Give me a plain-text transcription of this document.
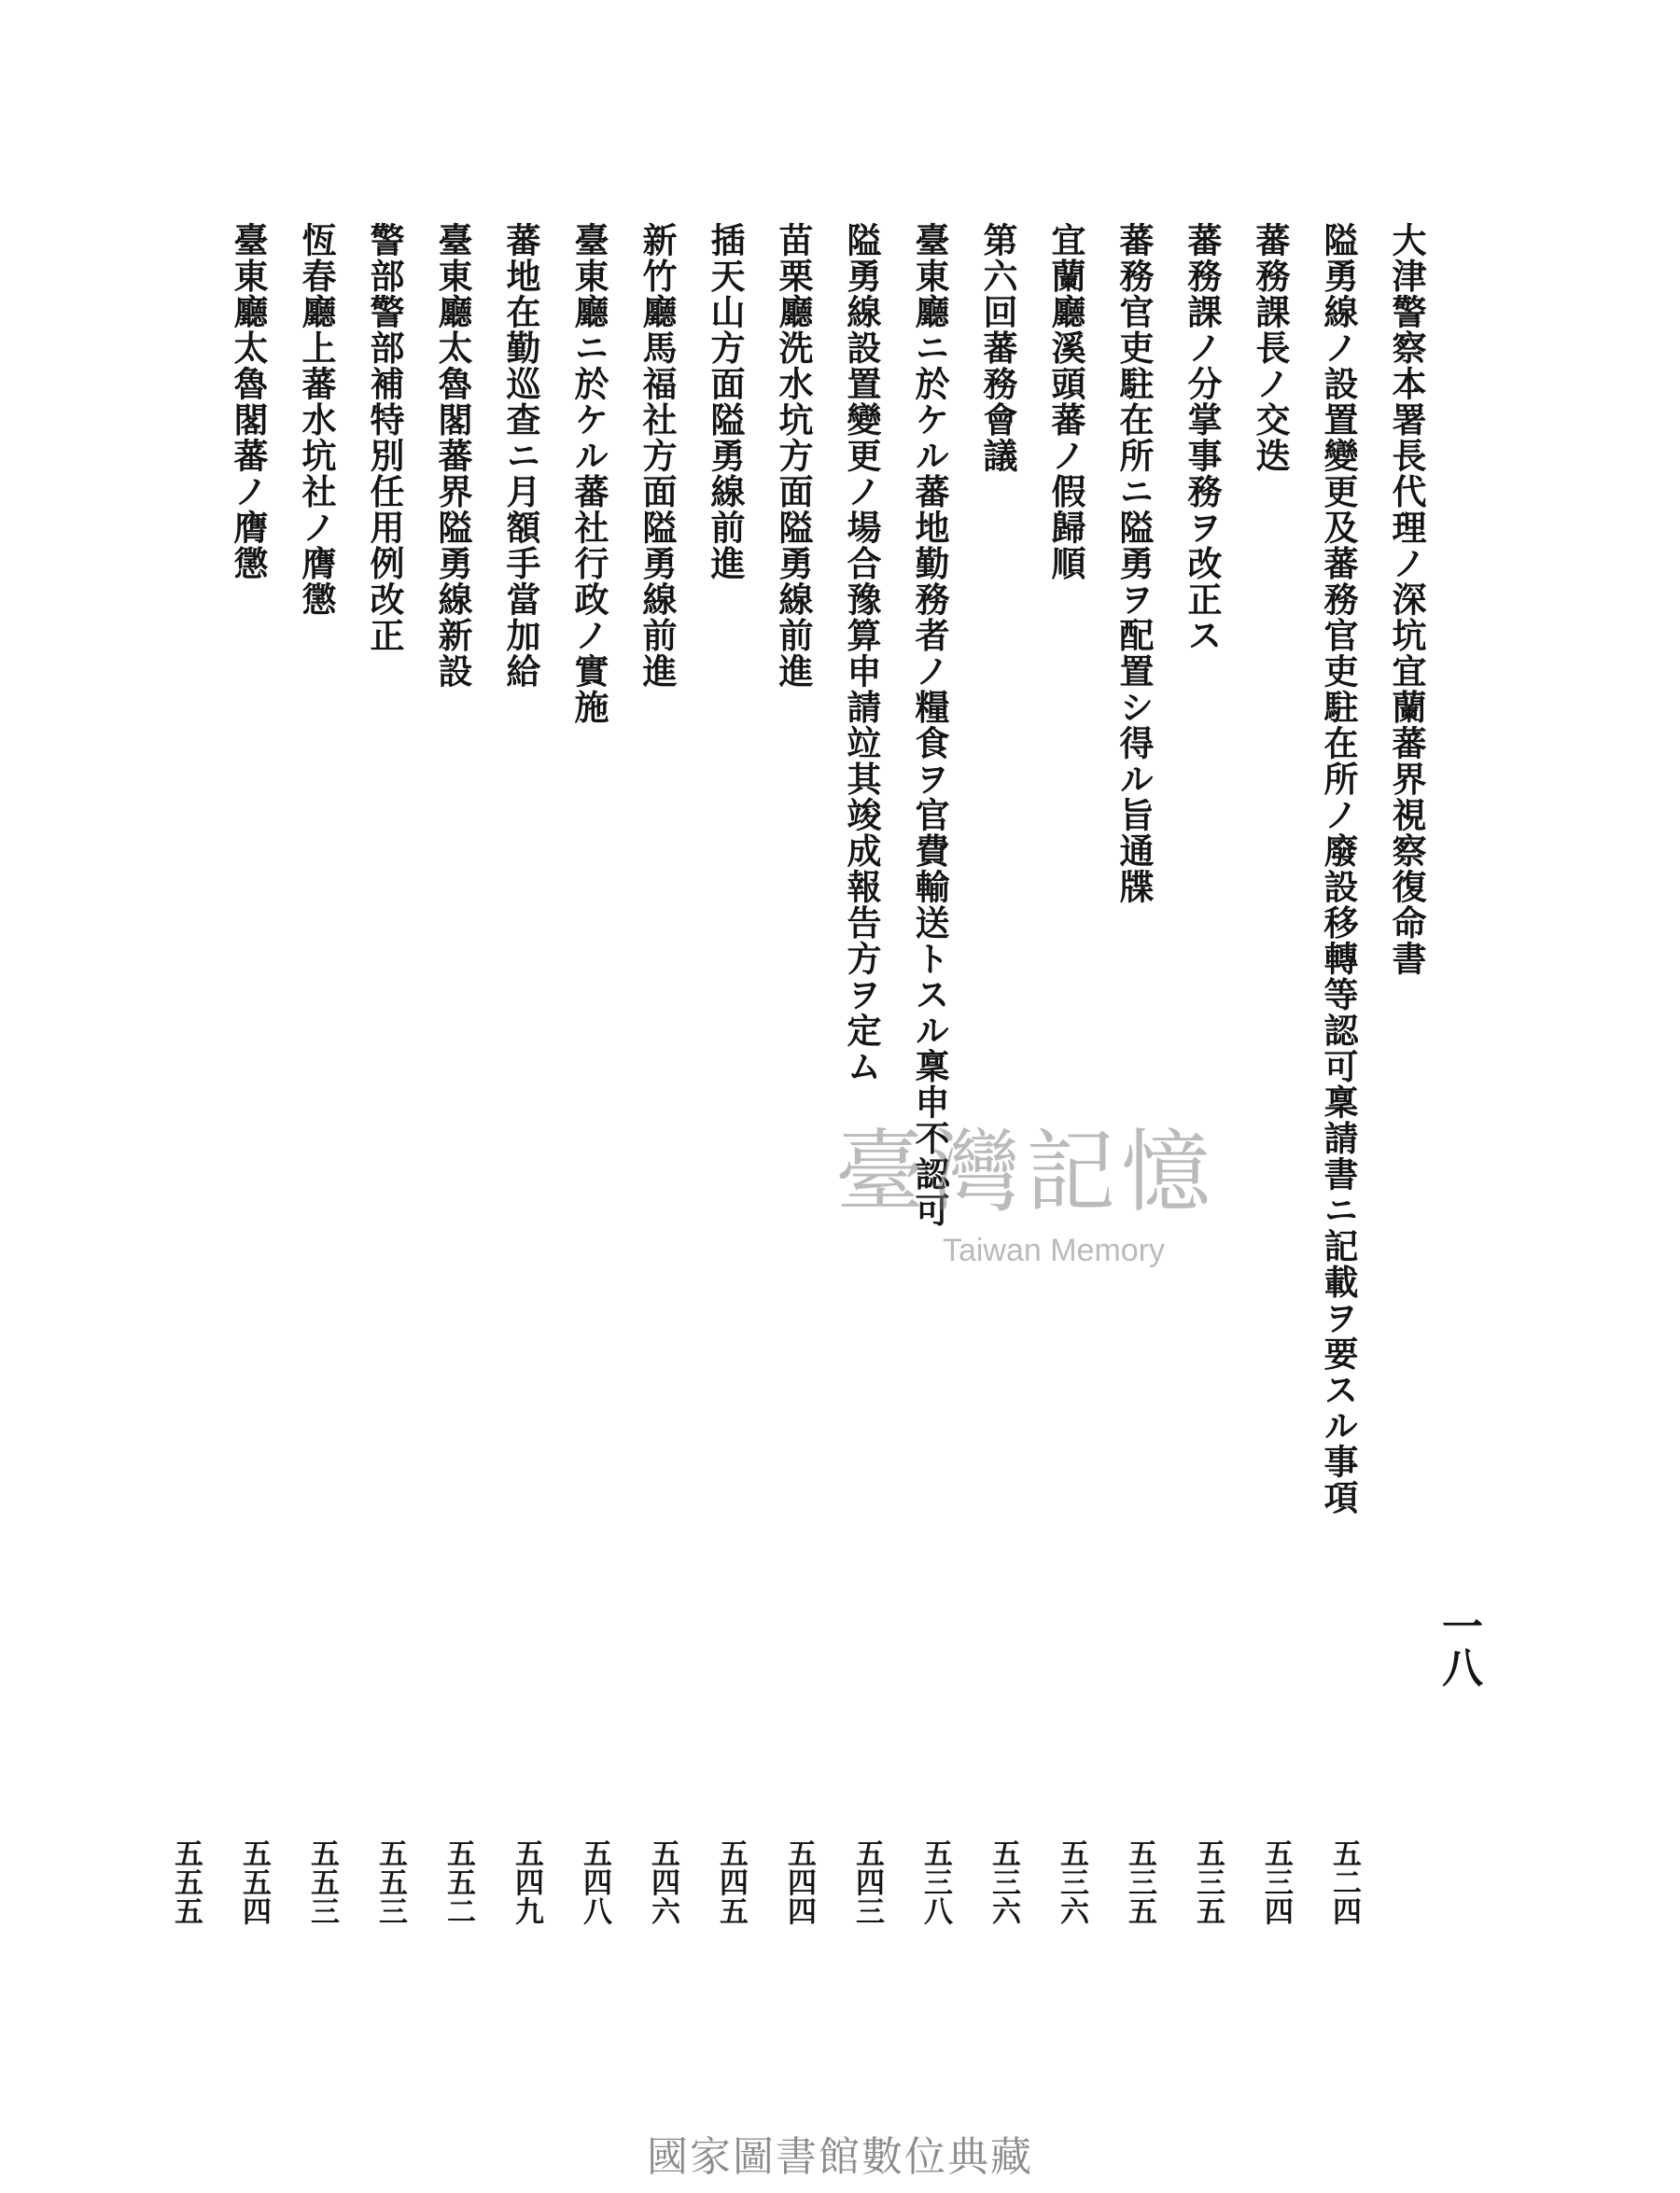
大津警察本署長代理ノ深坑宜蘭蕃界視察復命書
隘勇線ノ設置變更及蕃務官吏駐在所ノ廢設移轉等認可稟請書ニ記載ヲ要スル事項
蕃務課長ノ交迭
蕃務課ノ分掌事務ヲ改正ス
蕃務官吏駐在所ニ隘勇ヲ配置シ得ル旨通牒
宜蘭廳溪頭蕃ノ假歸順
第六回蕃務會議
臺東廳ニ於ケル蕃地勤務者ノ糧食ヲ官費輸送トスル稟申不認可
隘勇線設置變更ノ場合豫算申請竝其竣成報告方ヲ定ム
苗栗廳洗水坑方面隘勇線前進
插天山方面隘勇線前進
新竹廳馬福社方面隘勇線前進
臺東廳ニ於ケル蕃社行政ノ實施
蕃地在勤巡查ニ月額手當加給
臺東廳太魯閣蕃界隘勇線新設
警部警部補特別任用例改正
恆春廳上蕃水坑社ノ膺懲
臺東廳太魯閣蕃ノ膺懲
一八
五二四
五三四
五三五
五三五
五三六
五三六
五三八
五四三
五四四
五四五
五四六
五四八
五四九
五五二
五五三
五五三
五五四
五五五
臺灣記憶
Taiwan Memory
國家圖書館數位典藏
